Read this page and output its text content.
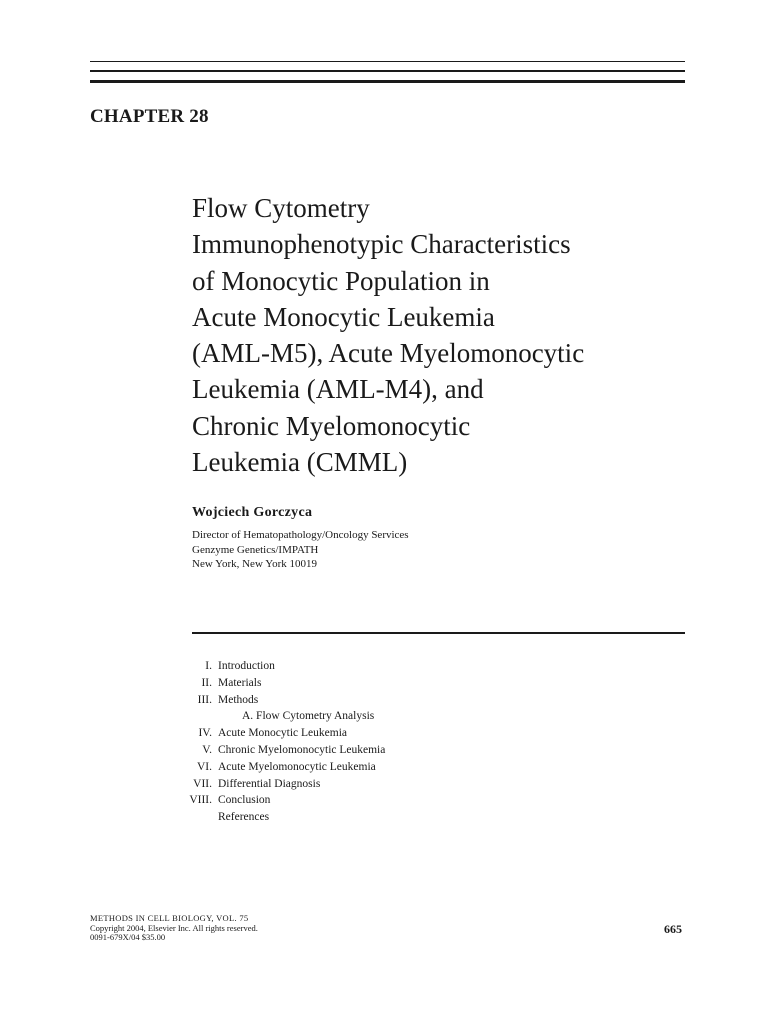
CHAPTER 28
Flow Cytometry
Immunophenotypic Characteristics
of Monocytic Population in
Acute Monocytic Leukemia
(AML-M5), Acute Myelomonocytic
Leukemia (AML-M4), and
Chronic Myelomonocytic
Leukemia (CMML)
Wojciech Gorczyca
Director of Hematopathology/Oncology Services
Genzyme Genetics/IMPATH
New York, New York 10019
I. Introduction
II. Materials
III. Methods
A. Flow Cytometry Analysis
IV. Acute Monocytic Leukemia
V. Chronic Myelomonocytic Leukemia
VI. Acute Myelomonocytic Leukemia
VII. Differential Diagnosis
VIII. Conclusion
References
METHODS IN CELL BIOLOGY, VOL. 75
Copyright 2004, Elsevier Inc. All rights reserved.
0091-679X/04 $35.00
665
